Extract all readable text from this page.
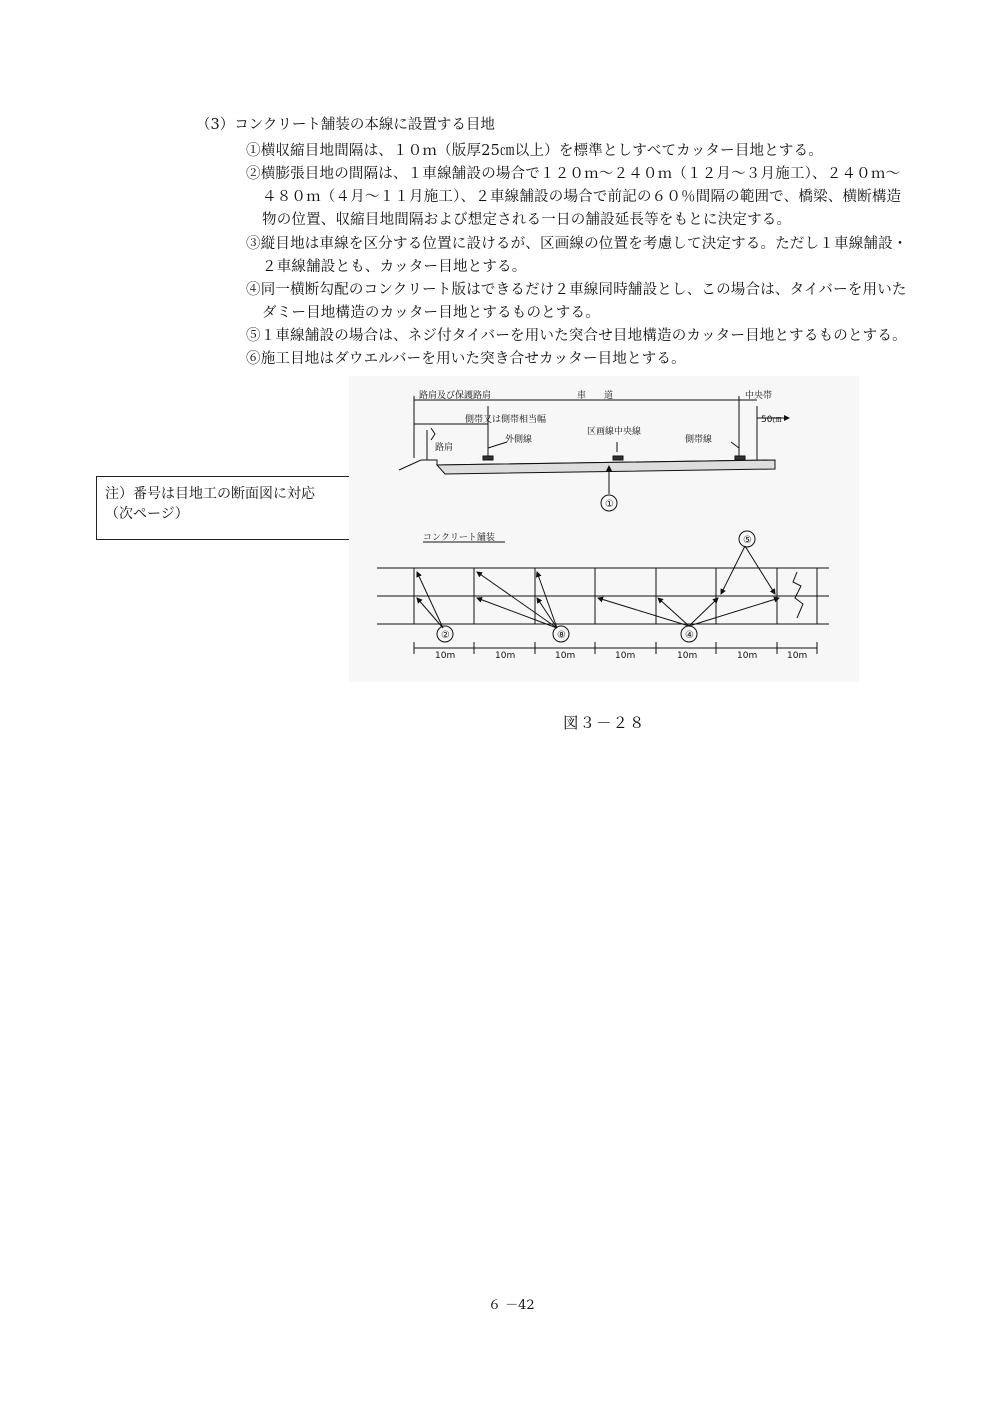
（3）コンクリート舗装の本線に設置する目地
①横収縮目地間隔は、１０ｍ（版厚25㎝以上）を標準としすべてカッター目地とする。
②横膨張目地の間隔は、１車線舗設の場合で１２０ｍ～２４０ｍ（１２月～３月施工）、２４０ｍ～
４８０ｍ（４月～１１月施工）、２車線舗設の場合で前記の６０％間隔の範囲で、橋梁、横断構造
物の位置、収縮目地間隔および想定される一日の舗設延長等をもとに決定する。
③縦目地は車線を区分する位置に設けるが、区画線の位置を考慮して決定する。ただし１車線舗設・
２車線舗設とも、カッター目地とする。
④同一横断勾配のコンクリート版はできるだけ２車線同時舗設とし、この場合は、タイバーを用いた
ダミー目地構造のカッター目地とするものとする。
⑤１車線舗設の場合は、ネジ付タイバーを用いた突合せ目地構造のカッター目地とするものとする。
⑥施工目地はダウエルバーを用いた突き合せカッター目地とする。
注）番号は目地工の断面図に対応
（次ページ）
路肩及び保護路肩	車　　道	中央帯
側帯又は側帯相当幅	50㎝
区画線中央線
外側線	側帯線
路肩
①
コンクリート舗装
②	⑧	④
⑤
10m	10m	10m	10m	10m	10m	10m
図３－２８
６ －42
